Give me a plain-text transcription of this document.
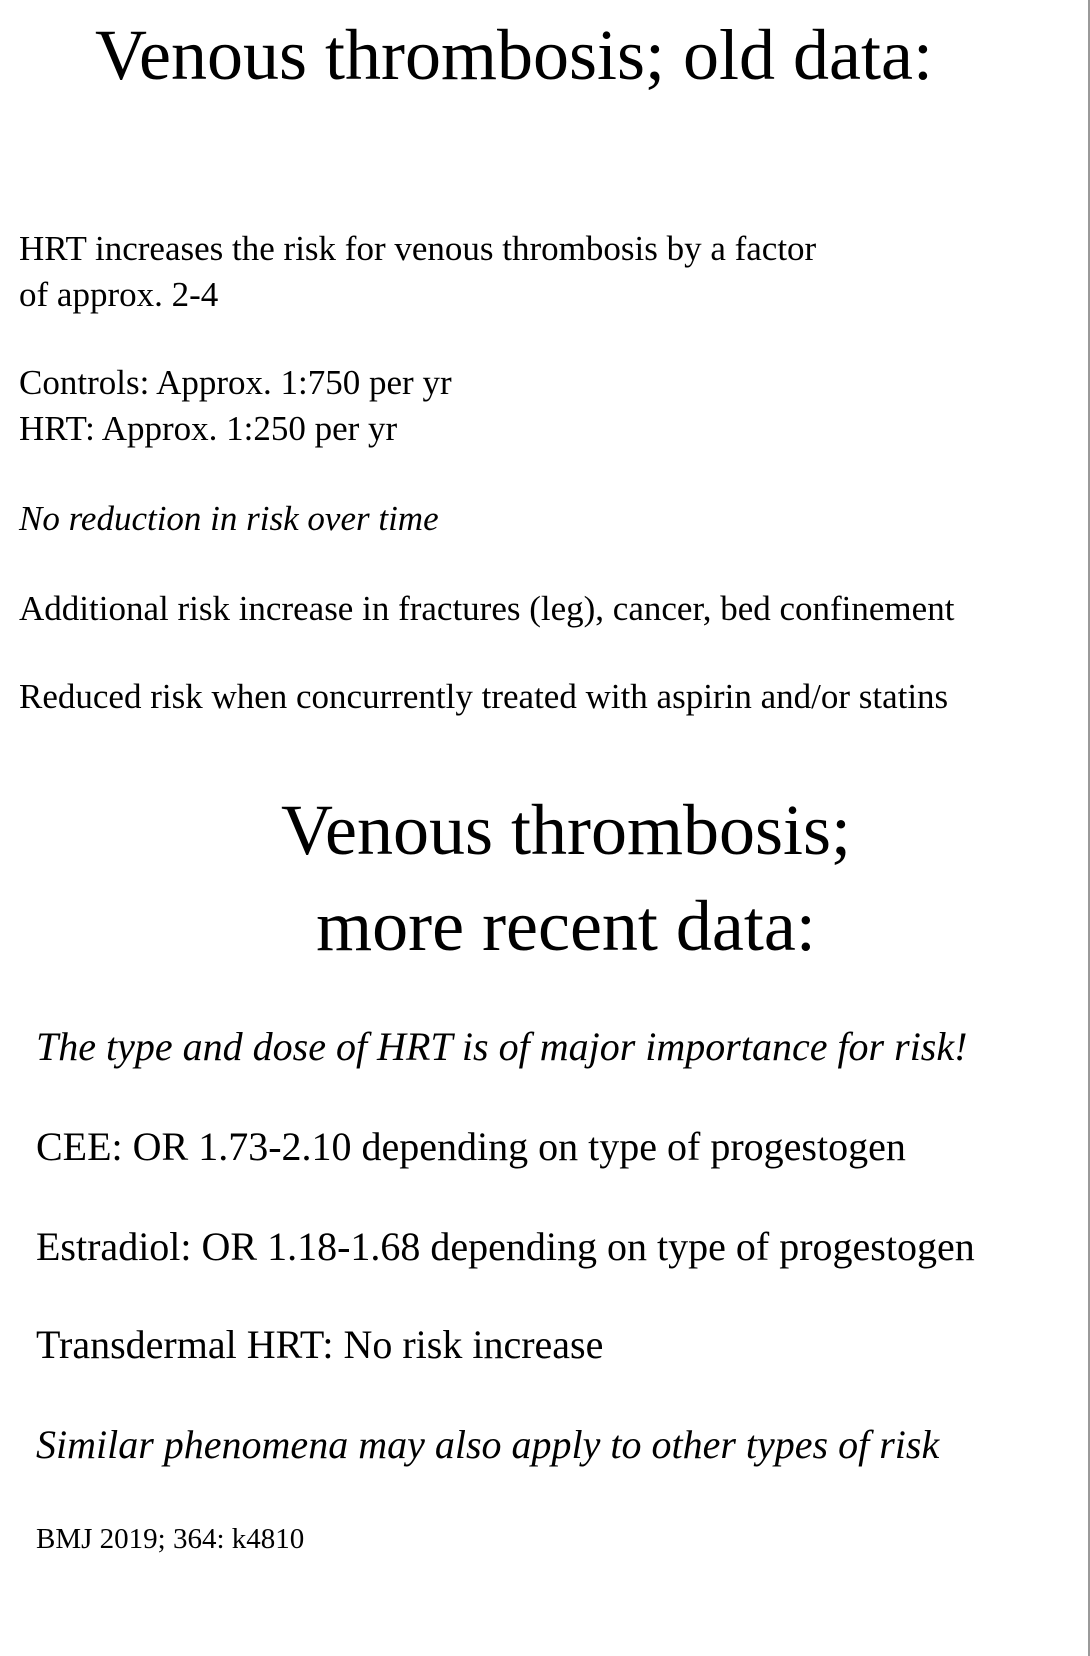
Venous thrombosis; old data:

HRT increases the risk for venous thrombosis by a factor

of approx. 2-4

Controls: Approx. 1:750 per yr

HRT: Approx. 1:250 per yr

No reduction in risk over time

Additional risk increase in fractures (leg), cancer, bed confinement

Reduced risk when concurrently treated with aspirin and/or statins

Venous thrombosis;
more recent data:

The type and dose of HRT is of major importance for risk!

CEE: OR 1.73-2.10 depending on type of progestogen

Estradiol: OR 1.18-1.68 depending on type of progestogen

Transdermal HRT: No risk increase

Similar phenomena may also apply to other types of risk

BMJ 2019; 364: k4810
